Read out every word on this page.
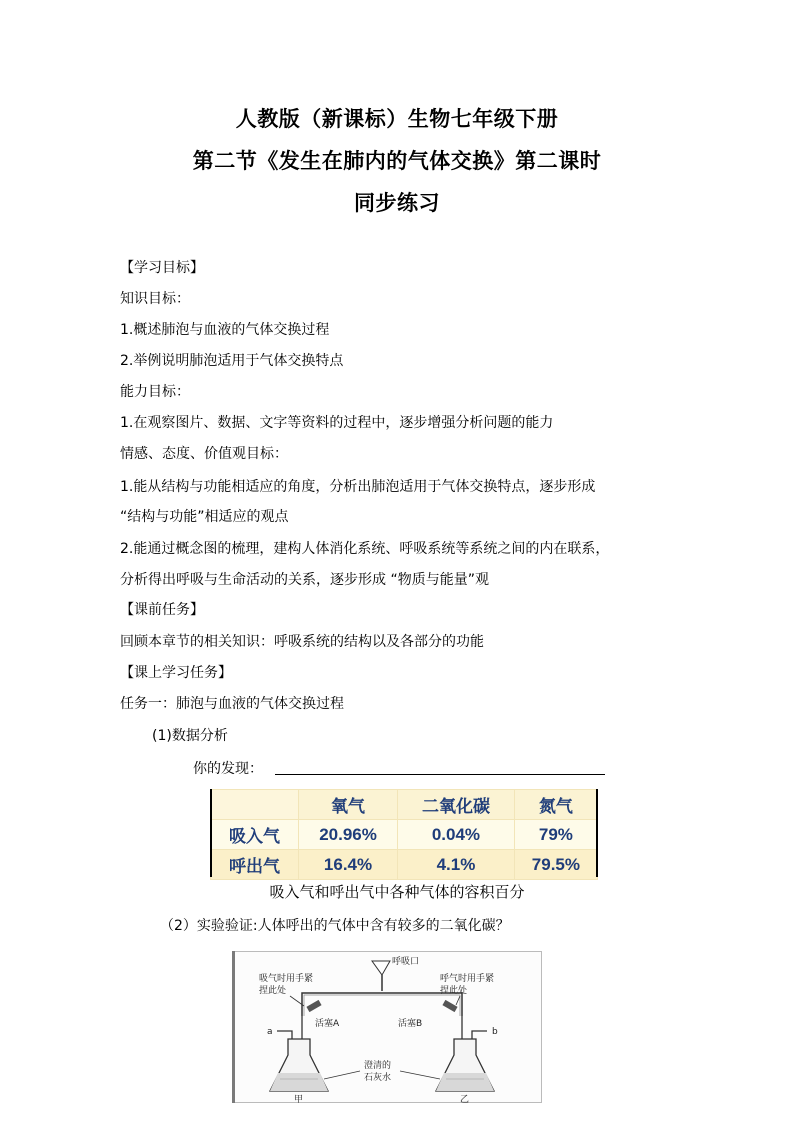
人教版（新课标）生物七年级下册
第二节《发生在肺内的气体交换》第二课时
同步练习
【学习目标】
知识目标：
1.概述肺泡与血液的气体交换过程
2.举例说明肺泡适用于气体交换特点
能力目标：
1.在观察图片、数据、文字等资料的过程中，逐步增强分析问题的能力
情感、态度、价值观目标：
1.能从结构与功能相适应的角度，分析出肺泡适用于气体交换特点，逐步形成
“结构与功能”相适应的观点
2.能通过概念图的梳理，建构人体消化系统、呼吸系统等系统之间的内在联系，
分析得出呼吸与生命活动的关系，逐步形成 “物质与能量”观
【课前任务】
回顾本章节的相关知识：呼吸系统的结构以及各部分的功能
【课上学习任务】
任务一：肺泡与血液的气体交换过程
(1)数据分析
你的发现：
	氧气	二氧化碳	氮气
吸入气	20.96%	0.04%	79%
呼出气	16.4%	4.1%	79.5%
吸入气和呼出气中各种气体的容积百分
（2）实验验证:人体呼出的气体中含有较多的二氧化碳？
呼吸口
吸气时用手紧
捏此处
呼气时用手紧
捏此处
活塞A	活塞B
a	b
澄清的
石灰水
甲	乙
